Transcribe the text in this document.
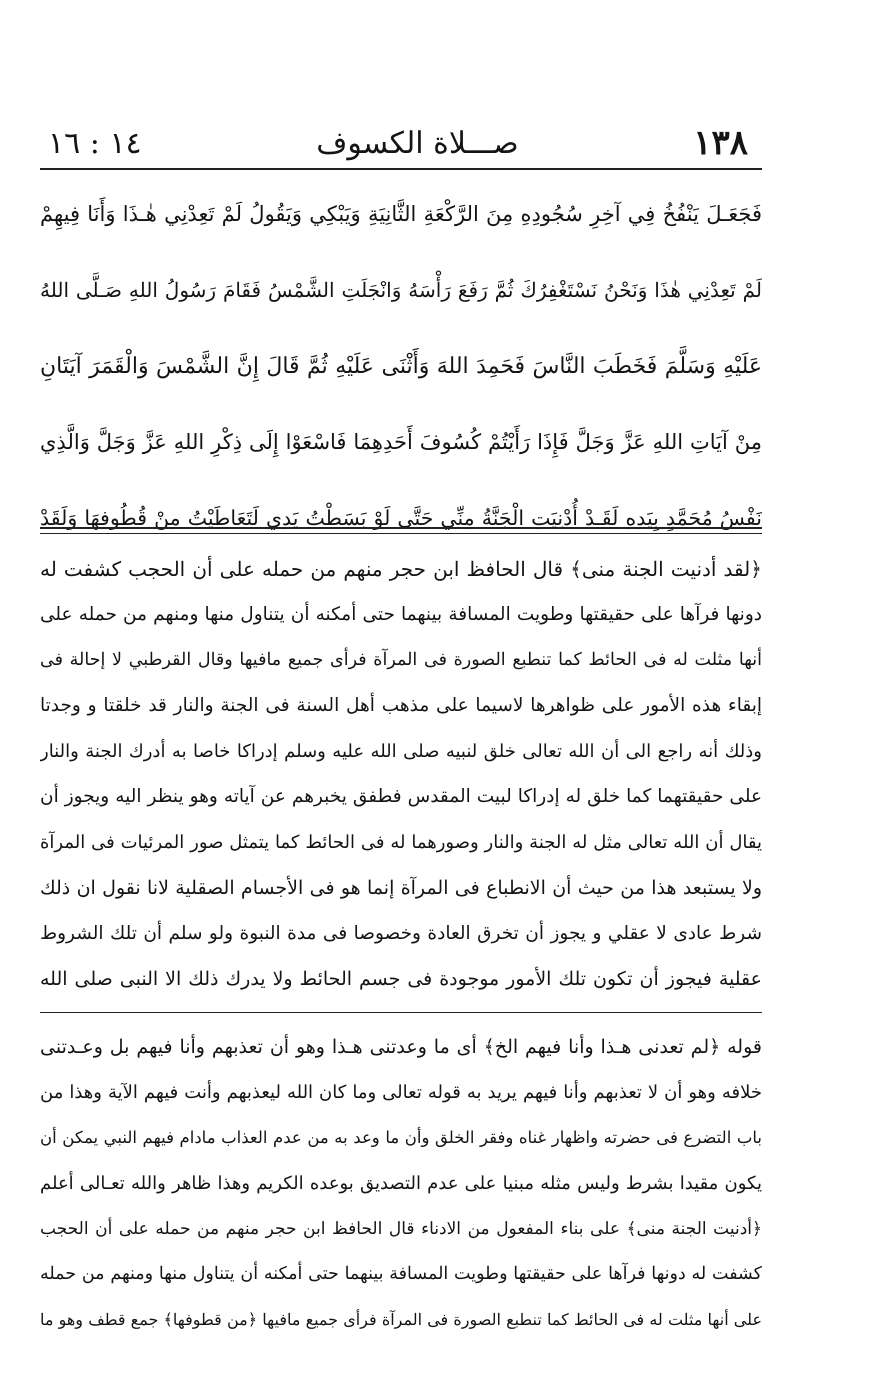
١٣٨
صـــلاة الكسوف
١٤ : ١٦
فَجَعَـلَ يَنْفُخُ فِي آخِرِ سُجُودِهِ مِنَ الرَّكْعَةِ الثَّانِيَةِ وَيَبْكِي وَيَقُولُ لَمْ تَعِدْنِي هٰـذَا وَأَنَا فِيهِمْ
لَمْ تَعِدْنِي هٰذَا وَنَحْنُ نَسْتَغْفِرُكَ ثُمَّ رَفَعَ رَأْسَهُ وَانْجَلَتِ الشَّمْسُ فَقَامَ رَسُولُ اللهِ صَـلَّى اللهُ
عَلَيْهِ وَسَلَّمَ فَخَطَبَ النَّاسَ فَحَمِدَ اللهَ وَأَثْنَى عَلَيْهِ ثُمَّ قَالَ إِنَّ الشَّمْسَ وَالْقَمَرَ آيَتَانِ
مِنْ آيَاتِ اللهِ عَزَّ وَجَلَّ فَإِذَا رَأَيْتُمْ كُسُوفَ أَحَدِهِمَا فَاسْعَوْا إِلَى ذِكْرِ اللهِ عَزَّ وَجَلَّ وَالَّذِي
نَفْسُ مُحَمَّدٍ بِيَدِهِ لَقَـدْ أُدْنِيَتِ الْجَنَّةُ مِنِّي حَتَّى لَوْ بَسَطْتُ يَدِي لَتَعَاطَيْتُ مِنْ قُطُوفِهَا وَلَقَدْ
﴿لقد أدنيت الجنة منى﴾ قال الحافظ ابن حجر منهم من حمله على أن الحجب كشفت له
دونها فرآها على حقيقتها وطويت المسافة بينهما حتى أمكنه أن يتناول منها ومنهم من حمله على
أنها مثلت له فى الحائط كما تنطبع الصورة فى المرآة فرأى جميع مافيها وقال القرطبي لا إحالة فى
إبقاء هذه الأمور على ظواهرها لاسيما على مذهب أهل السنة فى الجنة والنار قد خلقتا و وجدتا
وذلك أنه راجع الى أن الله تعالى خلق لنبيه صلى الله عليه وسلم إدراكا خاصا به أدرك الجنة والنار
على حقيقتهما كما خلق له إدراكا لبيت المقدس فطفق يخبرهم عن آياته وهو ينظر اليه ويجوز أن
يقال أن الله تعالى مثل له الجنة والنار وصورهما له فى الحائط كما يتمثل صور المرئيات فى المرآة
ولا يستبعد هذا من حيث أن الانطباع فى المرآة إنما هو فى الأجسام الصقلية لانا نقول ان ذلك
شرط عادى لا عقلي و يجوز أن تخرق العادة وخصوصا فى مدة النبوة ولو سلم أن تلك الشروط
عقلية فيجوز أن تكون تلك الأمور موجودة فى جسم الحائط ولا يدرك ذلك الا النبى صلى الله
قوله ﴿لم تعدنى هـذا وأنا فيهم الخ﴾ أى ما وعدتنى هـذا وهو أن تعذبهم وأنا فيهم بل وعـدتنى
خلافه وهو أن لا تعذبهم وأنا فيهم يريد به قوله تعالى وما كان الله ليعذبهم وأنت فيهم الآية وهذا من
باب التضرع فى حضرته واظهار غناه وفقر الخلق وأن ما وعد به من عدم العذاب مادام فيهم النبي يمكن أن
يكون مقيدا بشرط وليس مثله مبنيا على عدم التصديق بوعده الكريم وهذا ظاهر والله تعـالى أعلم
﴿أدنيت الجنة منى﴾ على بناء المفعول من الادناء قال الحافظ ابن حجر منهم من حمله على أن الحجب
كشفت له دونها فرآها على حقيقتها وطويت المسافة بينهما حتى أمكنه أن يتناول منها ومنهم من حمله
على أنها مثلت له فى الحائط كما تنطبع الصورة فى المرآة فرأى جميع مافيها ﴿من قطوفها﴾ جمع قطف وهو ما
